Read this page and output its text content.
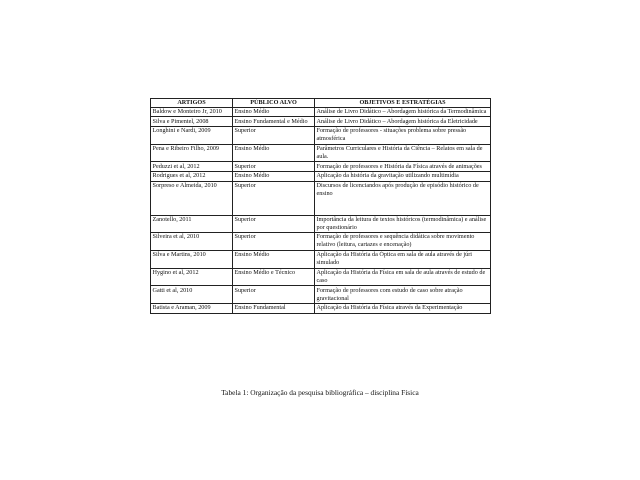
ARTIGOS	PÚBLICO ALVO	OBJETIVOS E ESTRATÉGIAS
Baldow e Monteiro Jr, 2010	Ensino Médio	Análise de Livro Didático – Abordagem histórica da Termodinâmica
Silva e Pimentel, 2008	Ensino Fundamental e Médio	Análise de Livro Didático – Abordagem histórica da Eletricidade
Longhini e Nardi, 2009	Superior	Formação de professores - situações problema sobre pressão atmosférica
Pena e Ribeiro Filho, 2009	Ensino Médio	Parâmetros Curriculares e História da Ciência – Relatos em sala de aula.
Peduzzi et al, 2012	Superior	Formação de professores e História da Física através de animações
Rodrigues et al, 2012	Ensino Médio	Aplicação da história da gravitação utilizando multimídia
Sorpreso e Almeida, 2010	Superior	Discursos de licenciandos após produção de episódio histórico de ensino
Zanotello, 2011	Superior	Importância da leitura de textos históricos (termodinâmica) e análise por questionário
Silveira et al, 2010	Superior	Formação de professores e sequência didática sobre movimento relativo (leitura, cartazes e encenação)
Silva e Martins, 2010	Ensino Médio	Aplicação da História da Óptica em sala de aula através de júri simulado
Hygino et al, 2012	Ensino Médio e Técnico	Aplicação da História da Física em sala de aula através de estudo de caso
Gatti et al, 2010	Superior	Formação de professores com estudo de caso sobre atração gravitacional
Batista e Araman, 2009	Ensino Fundamental	Aplicação da História da Física através da Experimentação
Tabela 1: Organização da pesquisa bibliográfica – disciplina Física
